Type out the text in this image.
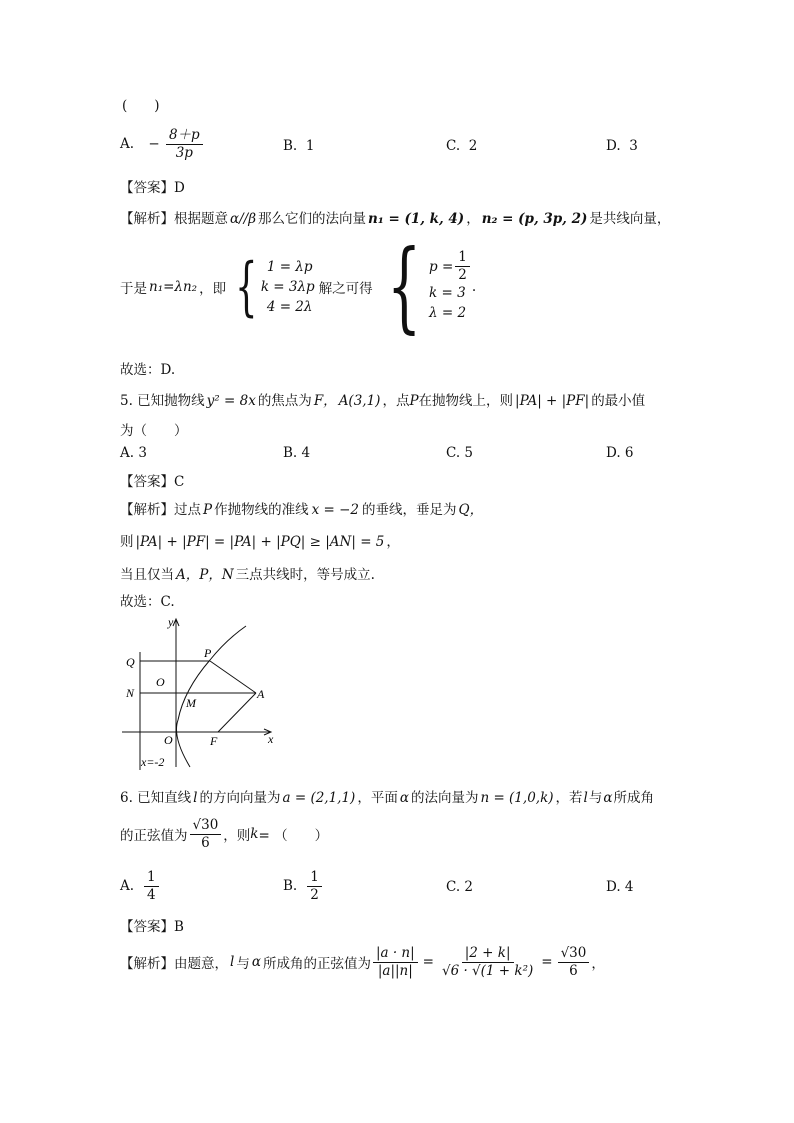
(　　)
A. − $\frac{8+p}{3p}$	B. 1	C. 2	D. 3
【答案】D
【解析】根据题意 α//β 那么它们的法向量 n₁ = (1, k, 4) ， n₂ = (p, 3p, 2) 是共线向量，
于是 n₁=λn₂ ，即 { 1 = λp
k = 3λp
4 = 2λ
解之可得 { $p = \frac{1}{2}$
k = 3
λ = 2
.
故选：D.
5. 已知抛物线 y² = 8x 的焦点为 F， A(3,1) ，点P在抛物线上，则 |PA| + |PF| 的最小值
为（　　）
A. 3	B. 4	C. 5	D. 6
【答案】C
【解析】过点 P 作抛物线的准线 x = −2 的垂线，垂足为 Q，
则 |PA| + |PF| = |PA| + |PQ| ≥ |AN| = 5 ，
当且仅当 A，P，N 三点共线时，等号成立.
故选：C.
y
x
Q
P
N
O
M
A
O	F
x=-2
6. 已知直线 l 的方向向量为 a = (2,1,1) ，平面 α 的法向量为 n = (1,0,k) ，若l与α所成角
的正弦值为 $\frac{√30}{6}$ ，则 k = （　　）
A. $\frac{1}{4}$	B. $\frac{1}{2}$	C. 2	D. 4
【答案】B
【解析】 由题意， l 与 α 所成角的正弦值为 $\frac{|a \cdot n|}{|a||n|} = \frac{|2 + k|}{\text{√6 · √(1 + k²)}} = \frac{√30}{6}$ ，
